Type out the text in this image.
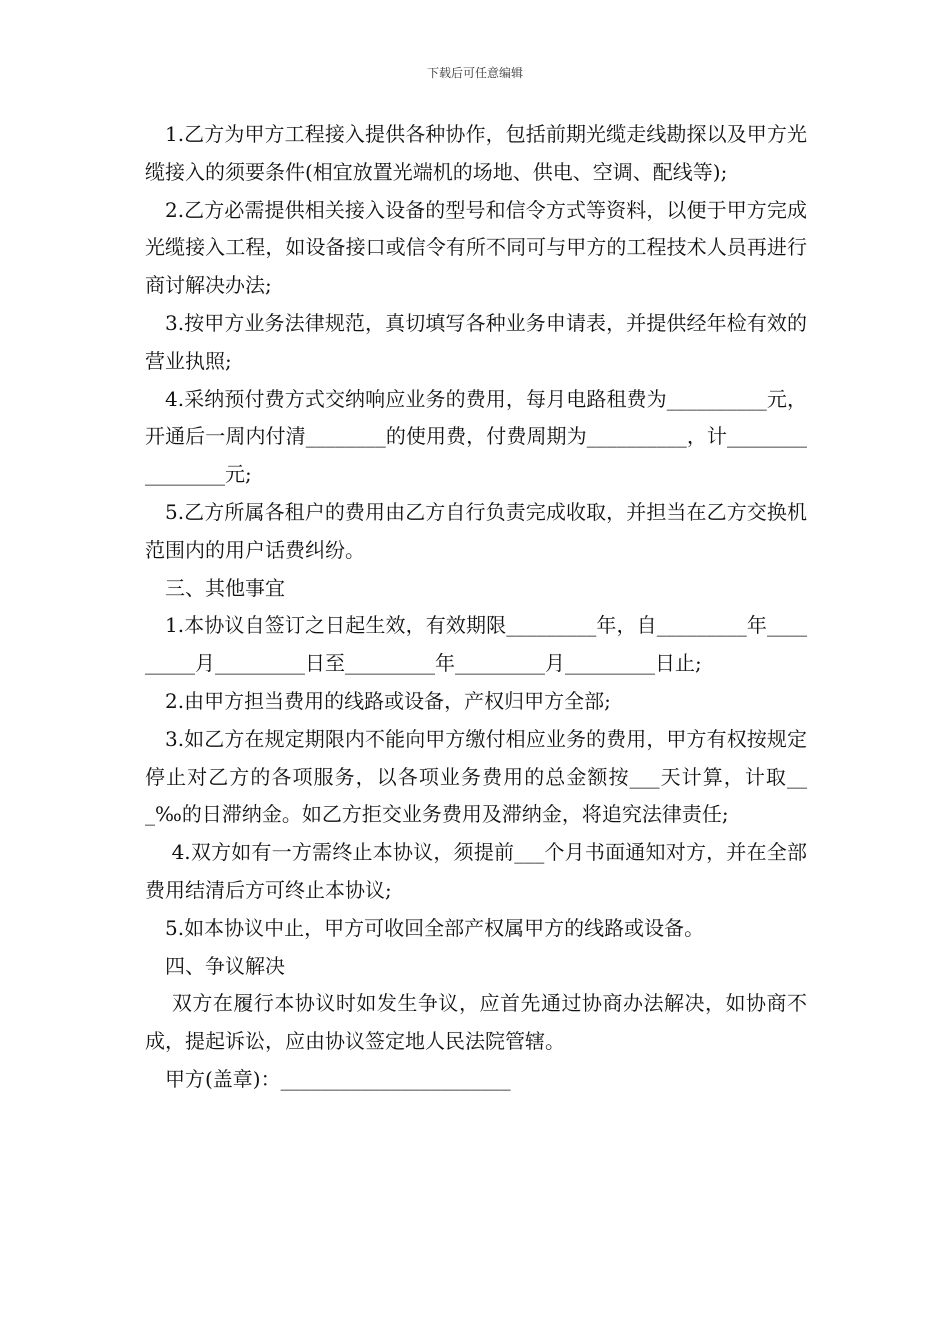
下载后可任意编辑

1.乙方为甲方工程接入提供各种协作，包括前期光缆走线勘探以及甲方光缆接入的须要条件(相宜放置光端机的场地、供电、空调、配线等);

2.乙方必需提供相关接入设备的型号和信令方式等资料，以便于甲方完成光缆接入工程，如设备接口或信令有所不同可与甲方的工程技术人员再进行商讨解决办法;

3.按甲方业务法律规范，真切填写各种业务申请表，并提供经年检有效的营业执照;

4.采纳预付费方式交纳响应业务的费用，每月电路租费为__________元，开通后一周内付清________的使用费，付费周期为__________，计________________元;

5.乙方所属各租户的费用由乙方自行负责完成收取，并担当在乙方交换机范围内的用户话费纠纷。

三、其他事宜

1.本协议自签订之日起生效，有效期限_________年，自_________年_________月_________日至_________年_________月_________日止;

2.由甲方担当费用的线路或设备，产权归甲方全部;

3.如乙方在规定期限内不能向甲方缴付相应业务的费用，甲方有权按规定停止对乙方的各项服务，以各项业务费用的总金额按___天计算，计取___‰的日滞纳金。如乙方拒交业务费用及滞纳金，将追究法律责任;

4.双方如有一方需终止本协议，须提前___个月书面通知对方，并在全部费用结清后方可终止本协议;

5.如本协议中止，甲方可收回全部产权属甲方的线路或设备。

四、争议解决

双方在履行本协议时如发生争议，应首先通过协商办法解决，如协商不成，提起诉讼，应由协议签定地人民法院管辖。

甲方(盖章)：_______________________
